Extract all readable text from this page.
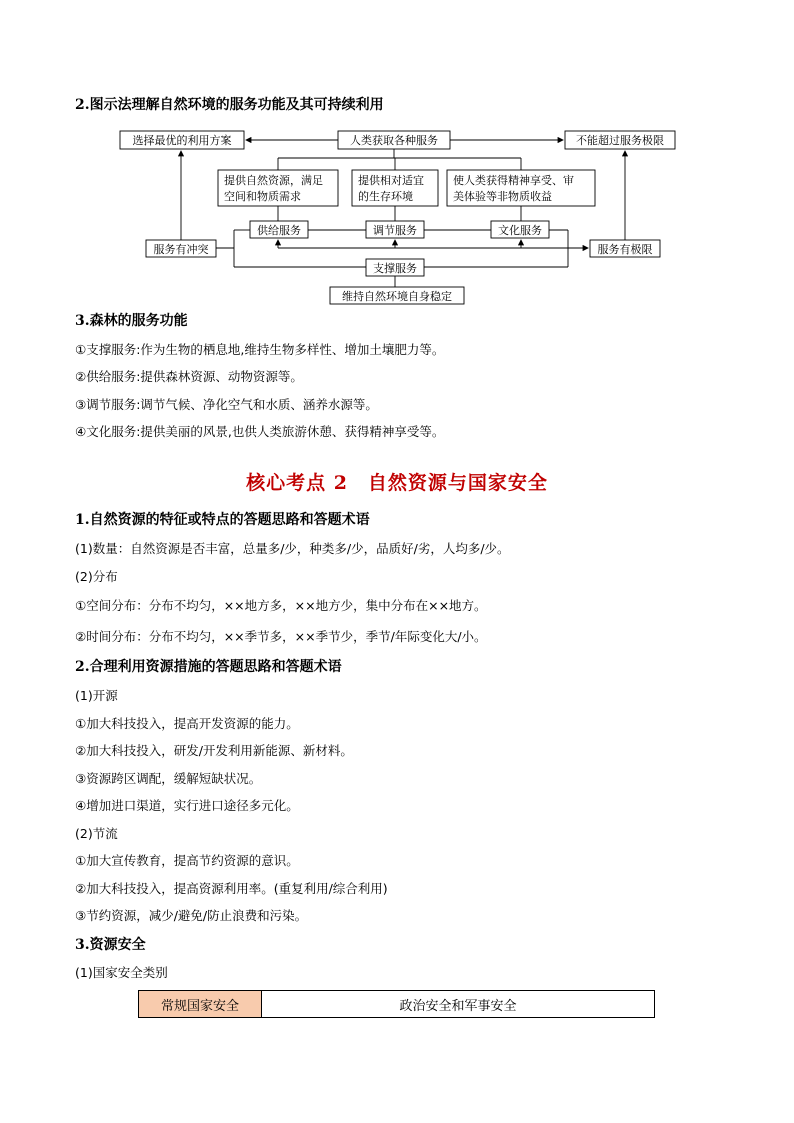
2.图示法理解自然环境的服务功能及其可持续利用
选择最优的利用方案	人类获取各种服务	不能超过服务极限
提供自然资源，满足
空间和物质需求
提供相对适宜
的生存环境
使人类获得精神享受、审
美体验等非物质收益
供给服务	调节服务	文化服务
服务有冲突	服务有极限
支撑服务
维持自然环境自身稳定
3.森林的服务功能
①支撑服务:作为生物的栖息地,维持生物多样性、增加土壤肥力等。
②供给服务:提供森林资源、动物资源等。
③调节服务:调节气候、净化空气和水质、涵养水源等。
④文化服务:提供美丽的风景,也供人类旅游休憩、获得精神享受等。
核心考点 2　自然资源与国家安全
1.自然资源的特征或特点的答题思路和答题术语
(1)数量：自然资源是否丰富，总量多/少，种类多/少，品质好/劣，人均多/少。
(2)分布
①空间分布：分布不均匀，××地方多，××地方少，集中分布在××地方。
②时间分布：分布不均匀，××季节多，××季节少，季节/年际变化大/小。
2.合理利用资源措施的答题思路和答题术语
(1)开源
①加大科技投入，提高开发资源的能力。
②加大科技投入，研发/开发利用新能源、新材料。
③资源跨区调配，缓解短缺状况。
④增加进口渠道，实行进口途径多元化。
(2)节流
①加大宣传教育，提高节约资源的意识。
②加大科技投入，提高资源利用率。(重复利用/综合利用)
③节约资源，减少/避免/防止浪费和污染。
3.资源安全
(1)国家安全类别
常规国家安全	政治安全和军事安全
